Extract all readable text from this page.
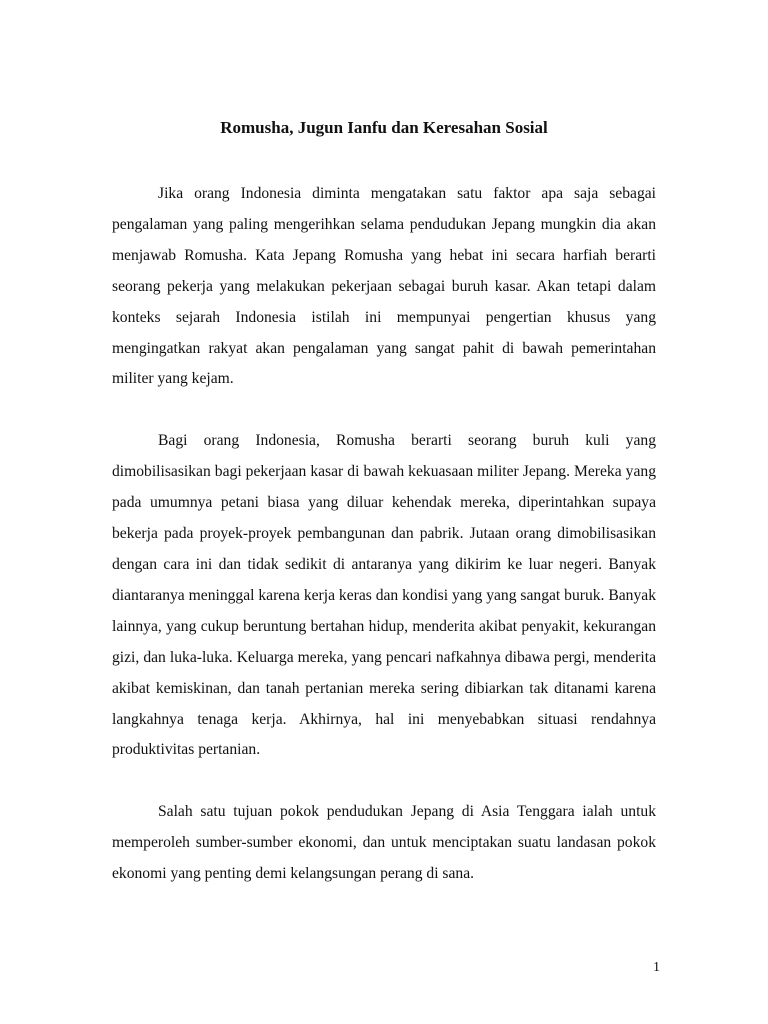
Romusha, Jugun Ianfu dan Keresahan Sosial

Jika orang Indonesia diminta mengatakan satu faktor apa saja sebagai pengalaman yang paling mengerihkan selama pendudukan Jepang mungkin dia akan menjawab Romusha. Kata Jepang Romusha yang hebat ini secara harfiah berarti seorang pekerja yang melakukan pekerjaan sebagai buruh kasar. Akan tetapi dalam konteks sejarah Indonesia istilah ini mempunyai pengertian khusus yang mengingatkan rakyat akan pengalaman yang sangat pahit di bawah pemerintahan militer yang kejam.

Bagi orang Indonesia, Romusha berarti seorang buruh kuli yang dimobilisasikan bagi pekerjaan kasar di bawah kekuasaan militer Jepang. Mereka yang pada umumnya petani biasa yang diluar kehendak mereka, diperintahkan supaya bekerja pada proyek-proyek pembangunan dan pabrik. Jutaan orang dimobilisasikan dengan cara ini dan tidak sedikit di antaranya yang dikirim ke luar negeri. Banyak diantaranya meninggal karena kerja keras dan kondisi yang yang sangat buruk. Banyak lainnya, yang cukup beruntung bertahan hidup, menderita akibat penyakit, kekurangan gizi, dan luka-luka. Keluarga mereka, yang pencari nafkahnya dibawa pergi, menderita akibat kemiskinan, dan tanah pertanian mereka sering dibiarkan tak ditanami karena langkahnya tenaga kerja. Akhirnya, hal ini menyebabkan situasi rendahnya produktivitas pertanian.

Salah satu tujuan pokok pendudukan Jepang di Asia Tenggara ialah untuk memperoleh sumber-sumber ekonomi, dan untuk menciptakan suatu landasan pokok ekonomi yang penting demi kelangsungan perang di sana.

1
